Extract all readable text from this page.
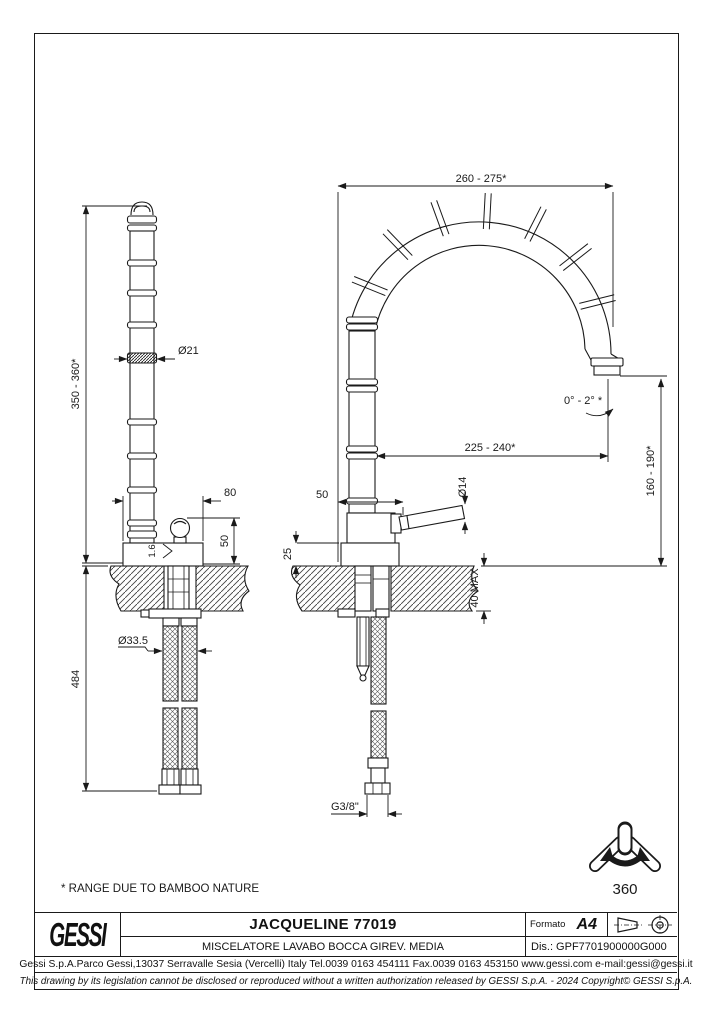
350 - 360*
Ø21
80
50
1.6
Ø33.5
484
260 - 275*
225 - 240*	160 - 190*
0° - 2° *
Ø14
50
25
40 MAX
G3/8"
* RANGE DUE TO BAMBOO NATURE	360
GESSI	JACQUELINE 77019
MISCELATORE LAVABO BOCCA GIREV. MEDIA
Formato A4
Dis.: GPF7701900000G000
Gessi S.p.A.Parco Gessi,13037 Serravalle Sesia (Vercelli) Italy Tel.0039 0163 454111 Fax.0039 0163 453150 www.gessi.com e-mail:gessi@gessi.it
This drawing by its legislation cannot be disclosed or reproduced without a written authorization released by GESSI S.p.A. - 2024 Copyright© GESSI S.p.A.
